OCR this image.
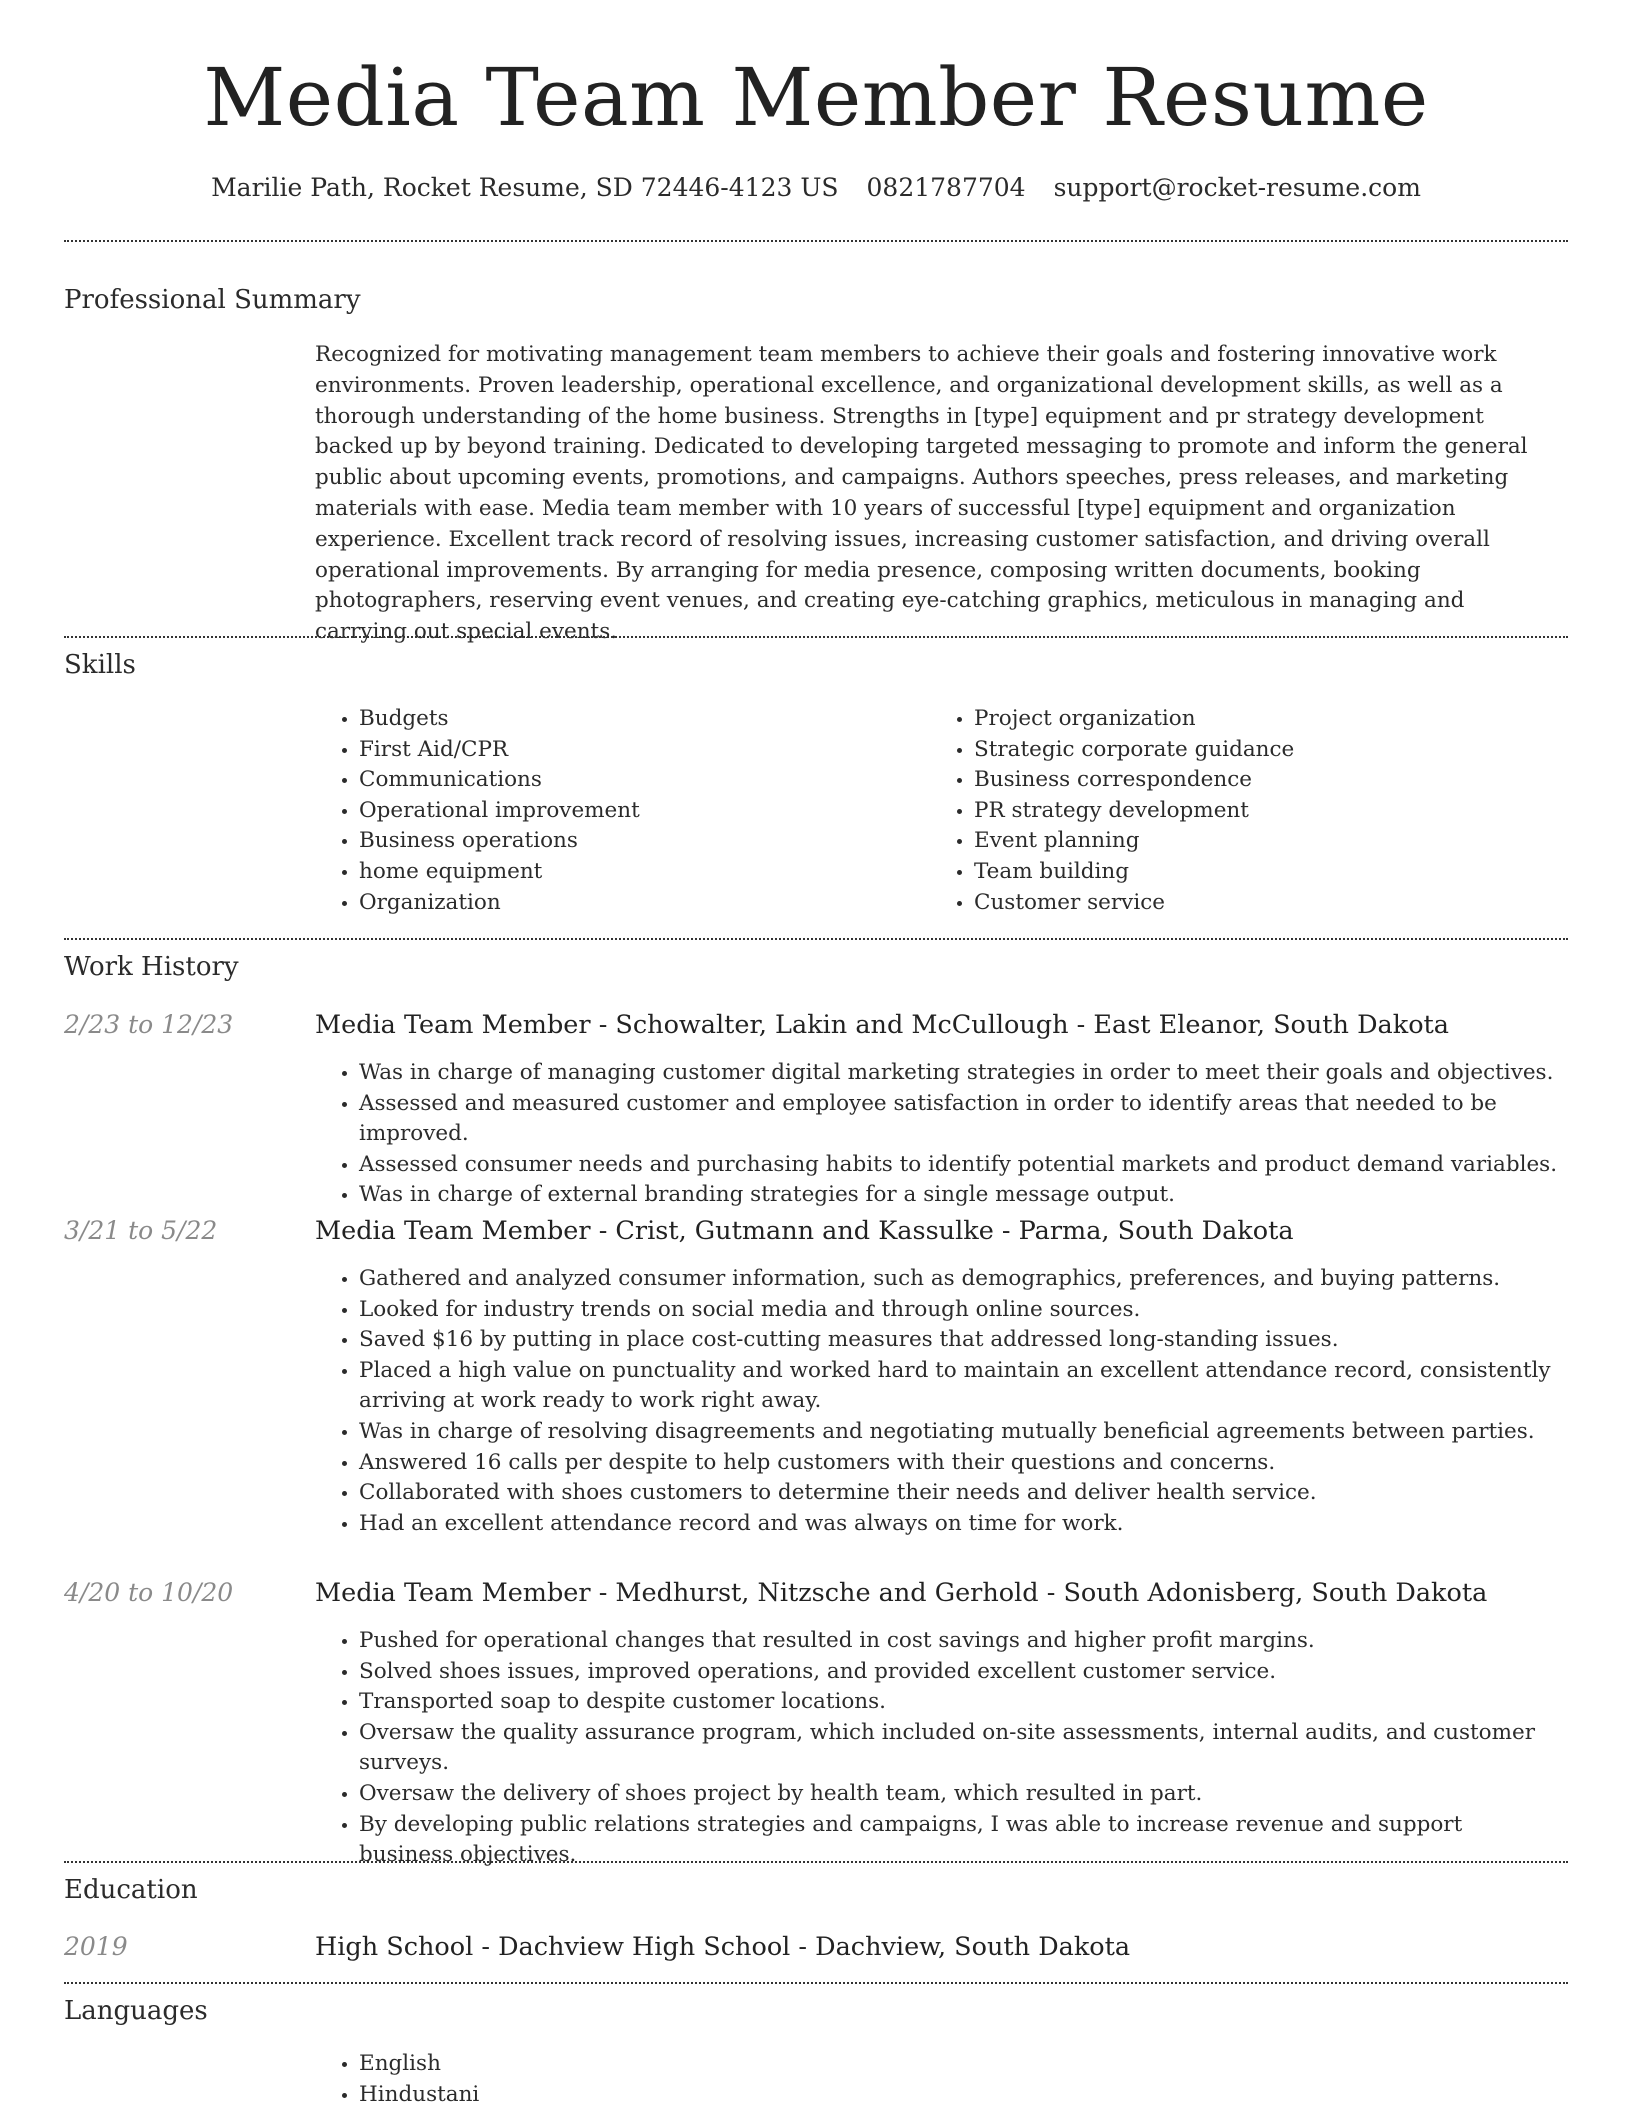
Media Team Member Resume
Marilie Path, Rocket Resume, SD 72446-4123 US 0821787704 support@rocket-resume.com
Professional Summary

Recognized for motivating management team members to achieve their goals and fostering innovative work environments. Proven leadership, operational excellence, and organizational development skills, as well as a thorough understanding of the home business. Strengths in [type] equipment and pr strategy development backed up by beyond training. Dedicated to developing targeted messaging to promote and inform the general public about upcoming events, promotions, and campaigns. Authors speeches, press releases, and marketing materials with ease. Media team member with 10 years of successful [type] equipment and organization experience. Excellent track record of resolving issues, increasing customer satisfaction, and driving overall operational improvements. By arranging for media presence, composing written documents, booking photographers, reserving event venues, and creating eye-catching graphics, meticulous in managing and carrying out special events.

Skills
• Budgets
• First Aid/CPR
• Communications
• Operational improvement
• Business operations
• home equipment
• Organization
• Project organization
• Strategic corporate guidance
• Business correspondence
• PR strategy development
• Event planning
• Team building
• Customer service
Work History
2/23 to 12/23	Media Team Member - Schowalter, Lakin and McCullough - East Eleanor, South Dakota
• Was in charge of managing customer digital marketing strategies in order to meet their goals and objectives.
• Assessed and measured customer and employee satisfaction in order to identify areas that needed to be improved.
• Assessed consumer needs and purchasing habits to identify potential markets and product demand variables.
• Was in charge of external branding strategies for a single message output.
3/21 to 5/22	Media Team Member - Crist, Gutmann and Kassulke - Parma, South Dakota
• Gathered and analyzed consumer information, such as demographics, preferences, and buying patterns.
• Looked for industry trends on social media and through online sources.
• Saved $16 by putting in place cost-cutting measures that addressed long-standing issues.
• Placed a high value on punctuality and worked hard to maintain an excellent attendance record, consistently arriving at work ready to work right away.
• Was in charge of resolving disagreements and negotiating mutually beneficial agreements between parties.
• Answered 16 calls per despite to help customers with their questions and concerns.
• Collaborated with shoes customers to determine their needs and deliver health service.
• Had an excellent attendance record and was always on time for work.
4/20 to 10/20	Media Team Member - Medhurst, Nitzsche and Gerhold - South Adonisberg, South Dakota
• Pushed for operational changes that resulted in cost savings and higher profit margins.
• Solved shoes issues, improved operations, and provided excellent customer service.
• Transported soap to despite customer locations.
• Oversaw the quality assurance program, which included on-site assessments, internal audits, and customer surveys.
• Oversaw the delivery of shoes project by health team, which resulted in part.
• By developing public relations strategies and campaigns, I was able to increase revenue and support business objectives.
Education
2019	High School - Dachview High School - Dachview, South Dakota
Languages
• English
• Hindustani
